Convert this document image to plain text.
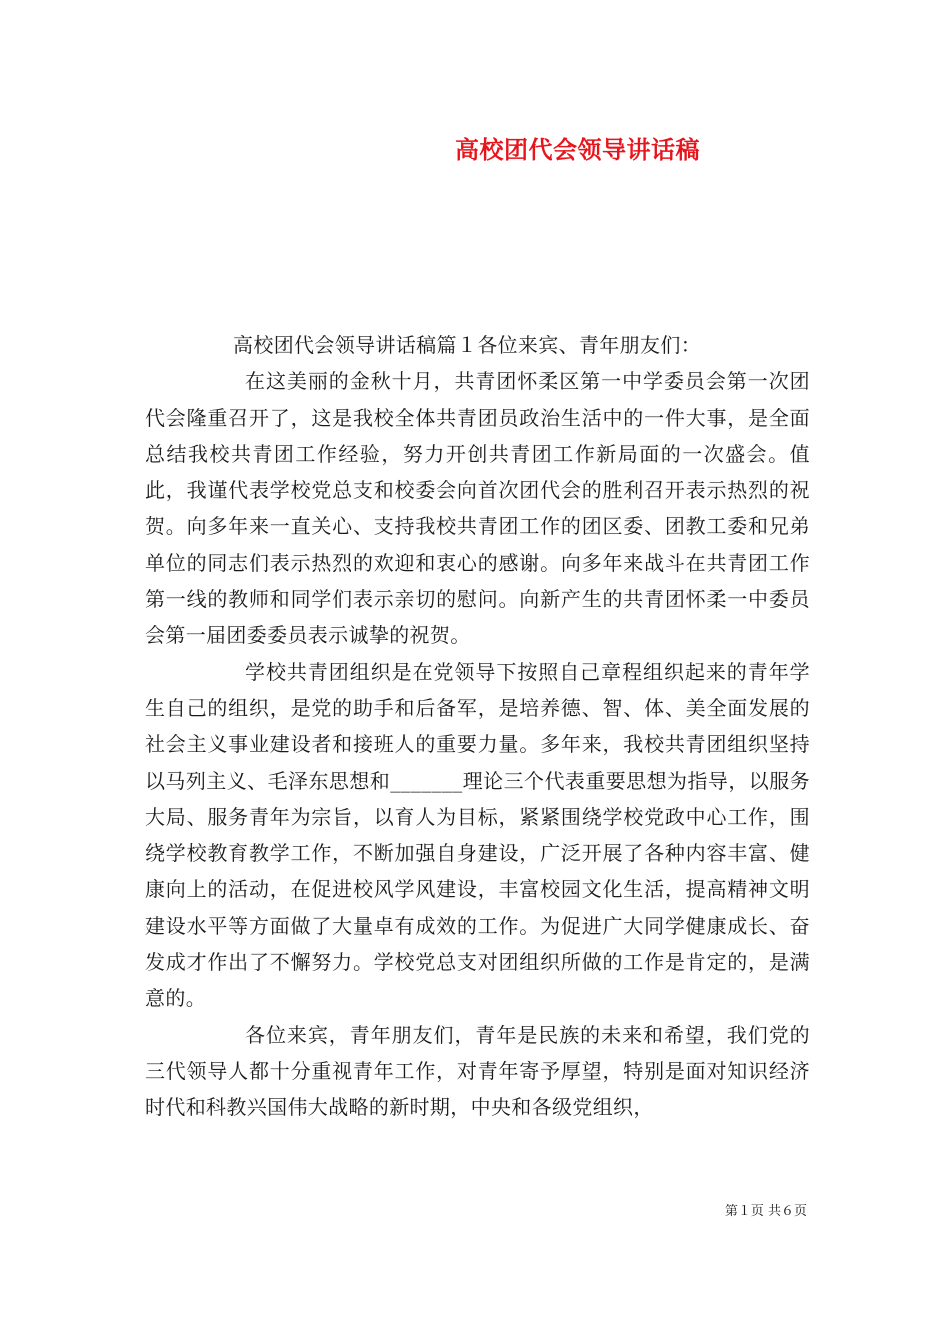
高校团代会领导讲话稿

高校团代会领导讲话稿篇１各位来宾、青年朋友们：

在这美丽的金秋十月，共青团怀柔区第一中学委员会第一次团代会隆重召开了，这是我校全体共青团员政治生活中的一件大事，是全面总结我校共青团工作经验，努力开创共青团工作新局面的一次盛会。值此，我谨代表学校党总支和校委会向首次团代会的胜利召开表示热烈的祝贺。向多年来一直关心、支持我校共青团工作的团区委、团教工委和兄弟单位的同志们表示热烈的欢迎和衷心的感谢。向多年来战斗在共青团工作第一线的教师和同学们表示亲切的慰问。向新产生的共青团怀柔一中委员会第一届团委委员表示诚挚的祝贺。

学校共青团组织是在党领导下按照自己章程组织起来的青年学生自己的组织，是党的助手和后备军，是培养德、智、体、美全面发展的社会主义事业建设者和接班人的重要力量。多年来，我校共青团组织坚持以马列主义、毛泽东思想和_______理论三个代表重要思想为指导，以服务大局、服务青年为宗旨，以育人为目标，紧紧围绕学校党政中心工作，围绕学校教育教学工作，不断加强自身建设，广泛开展了各种内容丰富、健康向上的活动，在促进校风学风建设，丰富校园文化生活，提高精神文明建设水平等方面做了大量卓有成效的工作。为促进广大同学健康成长、奋发成才作出了不懈努力。学校党总支对团组织所做的工作是肯定的，是满意的。

各位来宾，青年朋友们，青年是民族的未来和希望，我们党的三代领导人都十分重视青年工作，对青年寄予厚望，特别是面对知识经济时代和科教兴国伟大战略的新时期，中央和各级党组织，

第１页 共６页
